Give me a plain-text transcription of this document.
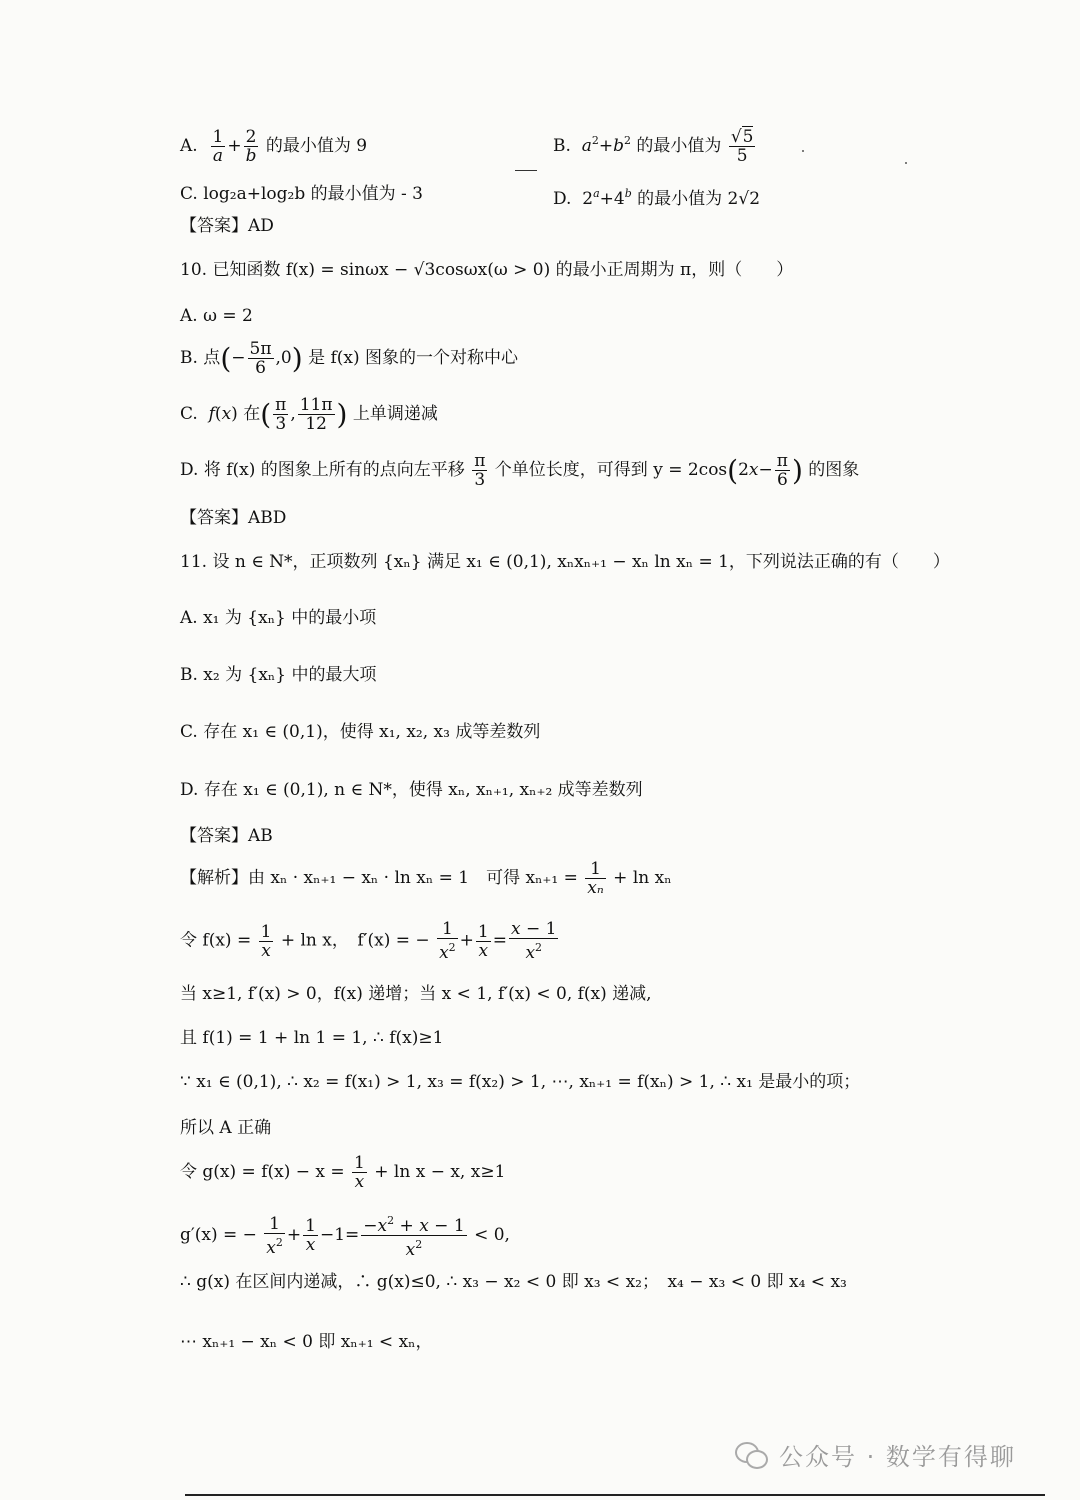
A. $\frac{1}{a} + \frac{2}{b}$ 的最小值为 9	B.  $a^2+b^2$ 的最小值为 $\frac{√5}{5}$
C. log₂a+log₂b 的最小值为 - 3	D.  $2^a+4^b$ 的最小值为 2√2
【答案】AD
10. 已知函数 f(x) = sinωx − √3cosωx(ω > 0) 的最小正周期为 π，则（　　）
A. ω = 2
B. 点(− $\frac{5\pi}{6} ,0$) 是 f(x) 图象的一个对称中心
C.  f(x) 在( $\frac{\pi}{3}$ , $\frac{11\pi}{12}$ ) 上单调递减
D. 将 f(x) 的图象上所有的点向左平移 $\frac{\pi}{3}$ 个单位长度，可得到 $y = 2\cos(2x- \frac{\pi}{6}$ ) 的图象
【答案】ABD
11. 设 n ∈ N*，正项数列 {xₙ} 满足 x₁ ∈ (0,1), xₙxₙ₊₁ − xₙ ln xₙ = 1，下列说法正确的有（　　）
A. x₁ 为 {xₙ} 中的最小项
B. x₂ 为 {xₙ} 中的最大项
C. 存在 x₁ ∈ (0,1)，使得 x₁, x₂, x₃ 成等差数列
D. 存在 x₁ ∈ (0,1), n ∈ N*，使得 xₙ, xₙ₊₁, xₙ₊₂ 成等差数列
【答案】AB
【解析】由 xₙ · xₙ₊₁ − xₙ · ln xₙ = 1　可得 $x_{n+1} = \frac{1}{\text{xₙ}} + \ln x_n$
令 $f(x) = \frac{1}{x} + \ln x$，　f′(x) = − $\frac{1}{x^2} + \frac{1}{x} = \frac{x - 1}{x^2}$
当 x≥1, f′(x) > 0，f(x) 递增；当 x < 1, f′(x) < 0, f(x) 递减,
且 f(1) = 1 + ln 1 = 1, ∴ f(x)≥1
∵ x₁ ∈ (0,1), ∴ x₂ = f(x₁) > 1, x₃ = f(x₂) > 1, ⋯, xₙ₊₁ = f(xₙ) > 1, ∴ x₁ 是最小的项；
所以 A 正确
令 $g(x) = f(x) - x = \frac{1}{x} + \ln x - x$, x≥1
g′(x) = − $\frac{1}{x^2} + \frac{1}{x} -1= \frac{-x^2 + x - 1}{x^2} < 0$,
∴ g(x) 在区间内递减，∴ g(x)≤0, ∴ x₃ − x₂ < 0 即 x₃ < x₂；　x₄ − x₃ < 0 即 x₄ < x₃
⋯ xₙ₊₁ − xₙ < 0 即 xₙ₊₁ < xₙ，
公众号 · 数学有得聊
